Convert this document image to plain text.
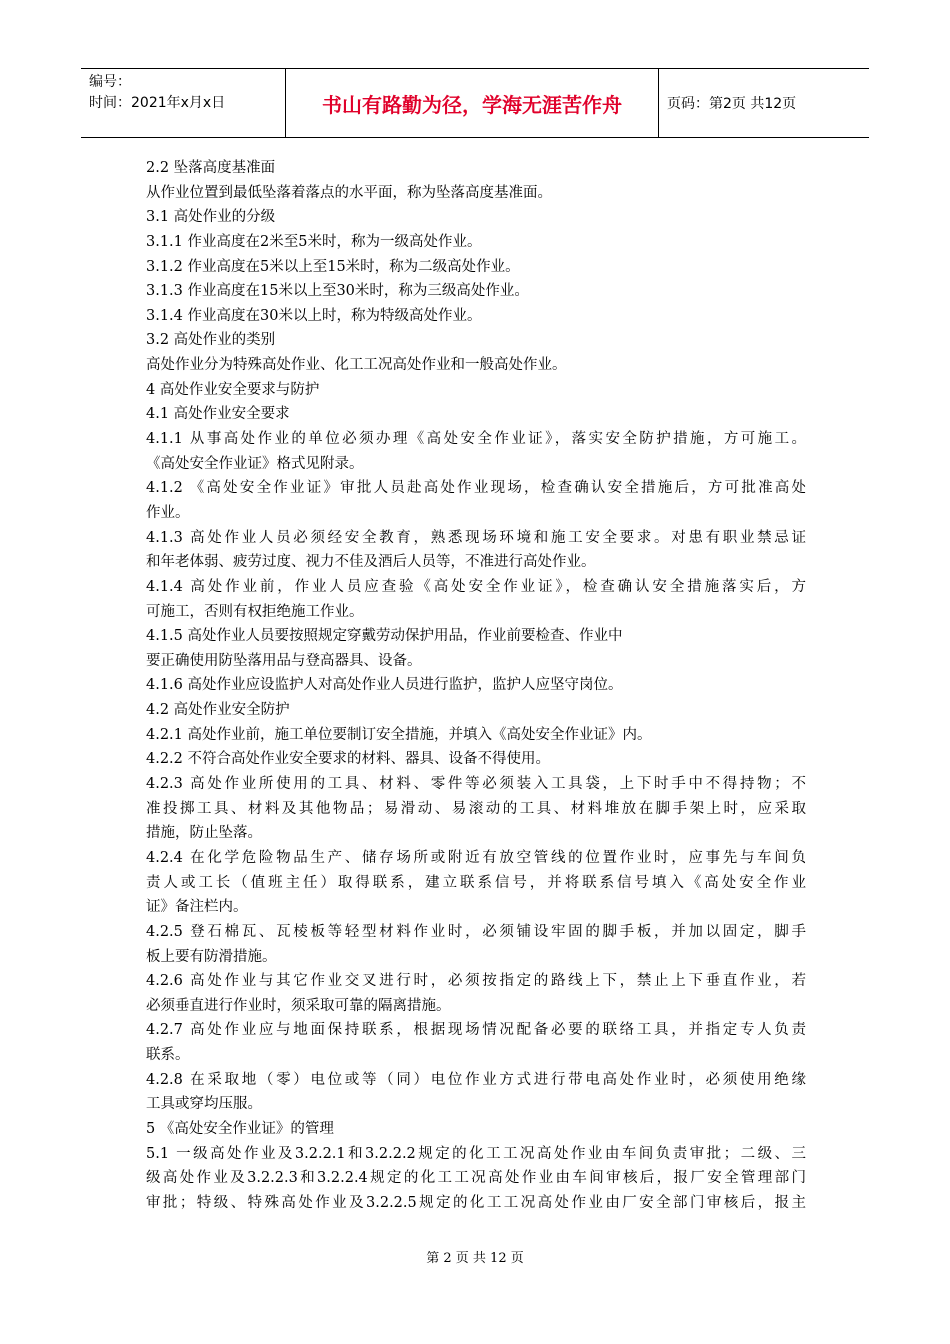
编号：
时间：2021年x月x日	书山有路勤为径，学海无涯苦作舟	页码：第2页 共12页
2.2 坠落高度基准面
从作业位置到最低坠落着落点的水平面，称为坠落高度基准面。
3.1 高处作业的分级
3.1.1 作业高度在2米至5米时，称为一级高处作业。
3.1.2 作业高度在5米以上至15米时，称为二级高处作业。
3.1.3 作业高度在15米以上至30米时，称为三级高处作业。
3.1.4 作业高度在30米以上时，称为特级高处作业。
3.2 高处作业的类别
高处作业分为特殊高处作业、化工工况高处作业和一般高处作业。
4 高处作业安全要求与防护
4.1 高处作业安全要求
4.1.1 从事高处作业的单位必须办理《高处安全作业证》，落实安全防护措施，方可施工。
《高处安全作业证》格式见附录。
4.1.2 《高处安全作业证》审批人员赴高处作业现场，检查确认安全措施后，方可批准高处
作业。
4.1.3 高处作业人员必须经安全教育，熟悉现场环境和施工安全要求。对患有职业禁忌证
和年老体弱、疲劳过度、视力不佳及酒后人员等，不准进行高处作业。
4.1.4 高处作业前，作业人员应查验《高处安全作业证》，检查确认安全措施落实后，方
可施工，否则有权拒绝施工作业。
4.1.5 高处作业人员要按照规定穿戴劳动保护用品，作业前要检查、作业中
要正确使用防坠落用品与登高器具、设备。
4.1.6 高处作业应设监护人对高处作业人员进行监护，监护人应坚守岗位。
4.2 高处作业安全防护
4.2.1 高处作业前，施工单位要制订安全措施，并填入《高处安全作业证》内。
4.2.2 不符合高处作业安全要求的材料、器具、设备不得使用。
4.2.3 高处作业所使用的工具、材料、零件等必须装入工具袋，上下时手中不得持物；不
准投掷工具、材料及其他物品；易滑动、易滚动的工具、材料堆放在脚手架上时，应采取
措施，防止坠落。
4.2.4 在化学危险物品生产、储存场所或附近有放空管线的位置作业时，应事先与车间负
责人或工长（值班主任）取得联系，建立联系信号，并将联系信号填入《高处安全作业
证》备注栏内。
4.2.5 登石棉瓦、瓦棱板等轻型材料作业时，必须铺设牢固的脚手板，并加以固定，脚手
板上要有防滑措施。
4.2.6 高处作业与其它作业交叉进行时，必须按指定的路线上下，禁止上下垂直作业，若
必须垂直进行作业时，须采取可靠的隔离措施。
4.2.7 高处作业应与地面保持联系，根据现场情况配备必要的联络工具，并指定专人负责
联系。
4.2.8 在采取地（零）电位或等（同）电位作业方式进行带电高处作业时，必须使用绝缘
工具或穿均压服。
5 《高处安全作业证》的管理
5.1 一级高处作业及3.2.2.1和3.2.2.2规定的化工工况高处作业由车间负责审批；二级、三
级高处作业及3.2.2.3和3.2.2.4规定的化工工况高处作业由车间审核后，报厂安全管理部门
审批；特级、特殊高处作业及3.2.2.5规定的化工工况高处作业由厂安全部门审核后，报主
第 2 页 共 12 页
